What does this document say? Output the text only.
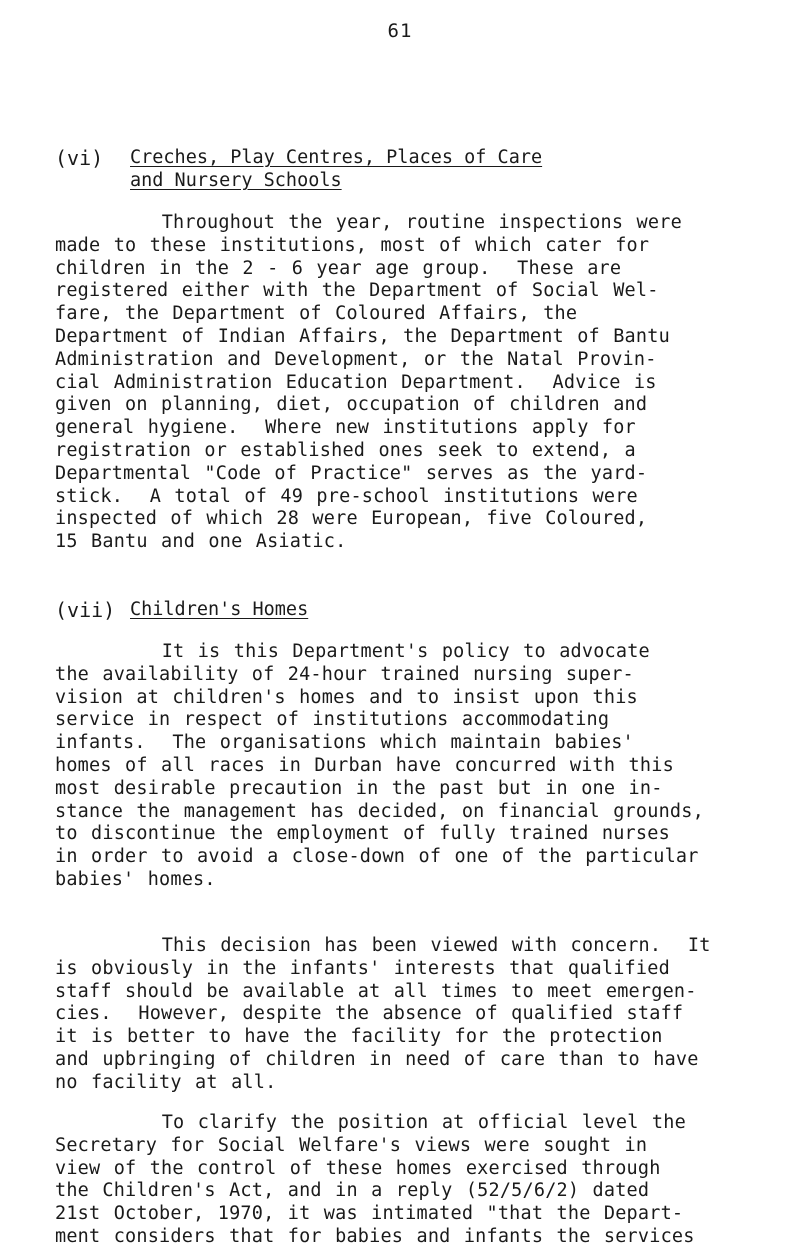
61
(vi)	Creches, Play Centres, Places of Care
and Nursery Schools

Throughout the year, routine inspections were
made to these institutions, most of which cater for
children in the 2 - 6 year age group.  These are
registered either with the Department of Social Wel-
fare, the Department of Coloured Affairs, the
Department of Indian Affairs, the Department of Bantu
Administration and Development, or the Natal Provin-
cial Administration Education Department.  Advice is
given on planning, diet, occupation of children and
general hygiene.  Where new institutions apply for
registration or established ones seek to extend, a
Departmental "Code of Practice" serves as the yard-
stick.  A total of 49 pre-school institutions were
inspected of which 28 were European, five Coloured,
15 Bantu and one Asiatic.

(vii) Children's Homes

It is this Department's policy to advocate
the availability of 24-hour trained nursing super-
vision at children's homes and to insist upon this
service in respect of institutions accommodating
infants.  The organisations which maintain babies'
homes of all races in Durban have concurred with this
most desirable precaution in the past but in one in-
stance the management has decided, on financial grounds,
to discontinue the employment of fully trained nurses
in order to avoid a close-down of one of the particular
babies' homes.

This decision has been viewed with concern.  It
is obviously in the infants' interests that qualified
staff should be available at all times to meet emergen-
cies.  However, despite the absence of qualified staff
it is better to have the facility for the protection
and upbringing of children in need of care than to have
no facility at all.

To clarify the position at official level the
Secretary for Social Welfare's views were sought in
view of the control of these homes exercised through
the Children's Act, and in a reply (52/5/6/2) dated
21st October, 1970, it was intimated "that the Depart-
ment considers that for babies and infants the services
